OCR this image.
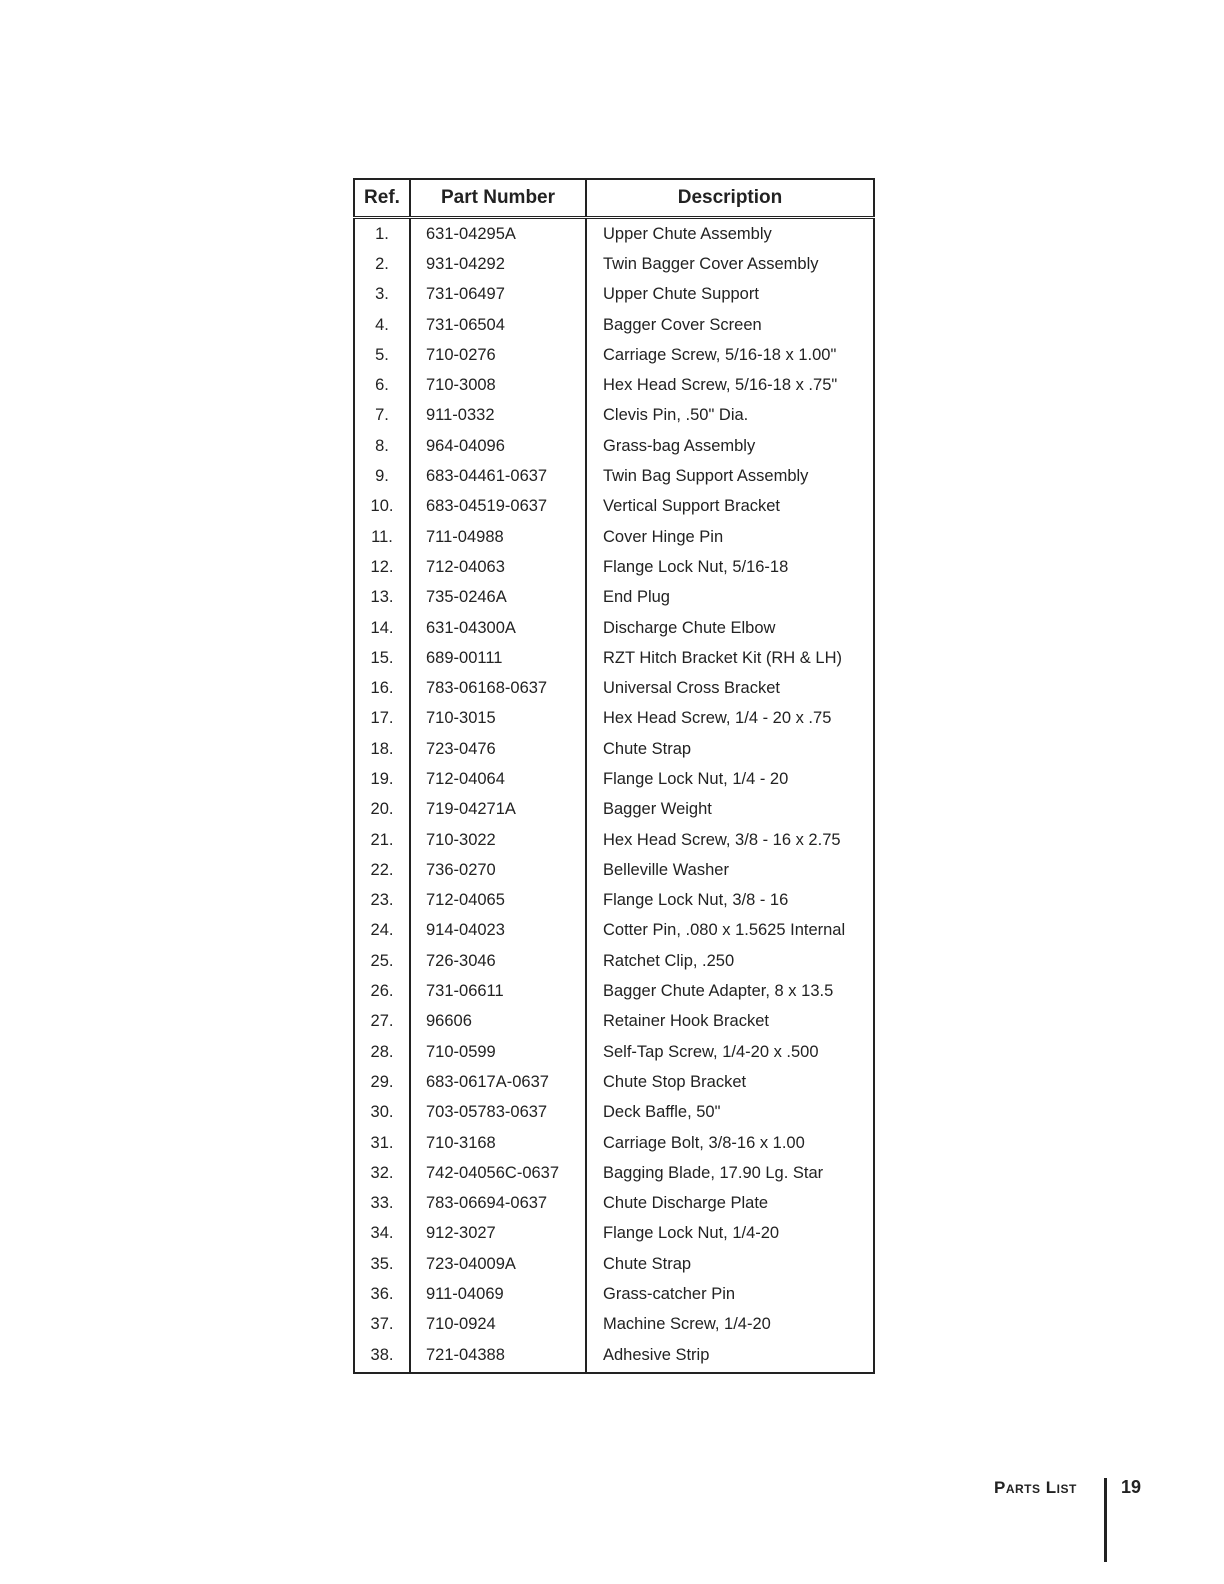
Ref.	Part Number	Description
1.	631-04295A	Upper Chute Assembly
2.	931-04292	Twin Bagger Cover Assembly
3.	731-06497	Upper Chute Support
4.	731-06504	Bagger Cover Screen
5.	710-0276	Carriage Screw, 5/16-18 x 1.00"
6.	710-3008	Hex Head Screw, 5/16-18 x .75"
7.	911-0332	Clevis Pin, .50" Dia.
8.	964-04096	Grass-bag Assembly
9.	683-04461-0637	Twin Bag Support Assembly
10.	683-04519-0637	Vertical Support Bracket
11.	711-04988	Cover Hinge Pin
12.	712-04063	Flange Lock Nut, 5/16-18
13.	735-0246A	End Plug
14.	631-04300A	Discharge Chute Elbow
15.	689-00111	RZT Hitch Bracket Kit (RH & LH)
16.	783-06168-0637	Universal Cross Bracket
17.	710-3015	Hex Head Screw, 1/4 - 20 x .75
18.	723-0476	Chute Strap
19.	712-04064	Flange Lock Nut, 1/4 - 20
20.	719-04271A	Bagger Weight
21.	710-3022	Hex Head Screw, 3/8 - 16 x 2.75
22.	736-0270	Belleville Washer
23.	712-04065	Flange Lock Nut, 3/8 - 16
24.	914-04023	Cotter Pin, .080 x 1.5625 Internal
25.	726-3046	Ratchet Clip, .250
26.	731-06611	Bagger Chute Adapter, 8 x 13.5
27.	96606	Retainer Hook Bracket
28.	710-0599	Self-Tap Screw, 1/4-20 x .500
29.	683-0617A-0637	Chute Stop Bracket
30.	703-05783-0637	Deck Baffle, 50"
31.	710-3168	Carriage Bolt, 3/8-16 x 1.00
32.	742-04056C-0637	Bagging Blade, 17.90 Lg. Star
33.	783-06694-0637	Chute Discharge Plate
34.	912-3027	Flange Lock Nut, 1/4-20
35.	723-04009A	Chute Strap
36.	911-04069	Grass-catcher Pin
37.	710-0924	Machine Screw, 1/4-20
38.	721-04388	Adhesive Strip
Parts List 19
